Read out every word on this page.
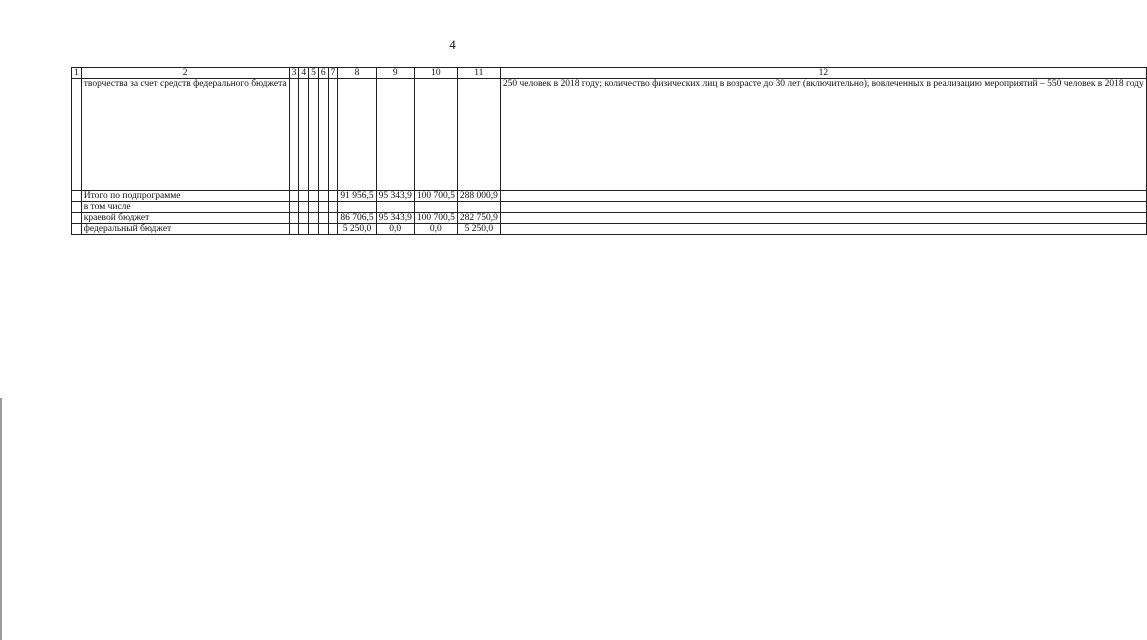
4
1	2	3	4	5	6	7	8	9	10	11	12
	творчества за счет средств федерального бюджета										250 человек в 2018 году; количество физических лиц в возрасте до 30 лет (включительно), вовлеченных в реализацию мероприятий – 550 человек в 2018 году
	Итого по подпрограмме						91 956,5	95 343,9	100 700,5	288 000,9	
	в том числе										
	краевой бюджет						86 706,5	95 343,9	100 700,5	282 750,9	
	федеральный бюджет						5 250,0	0,0	0,0	5 250,0	
